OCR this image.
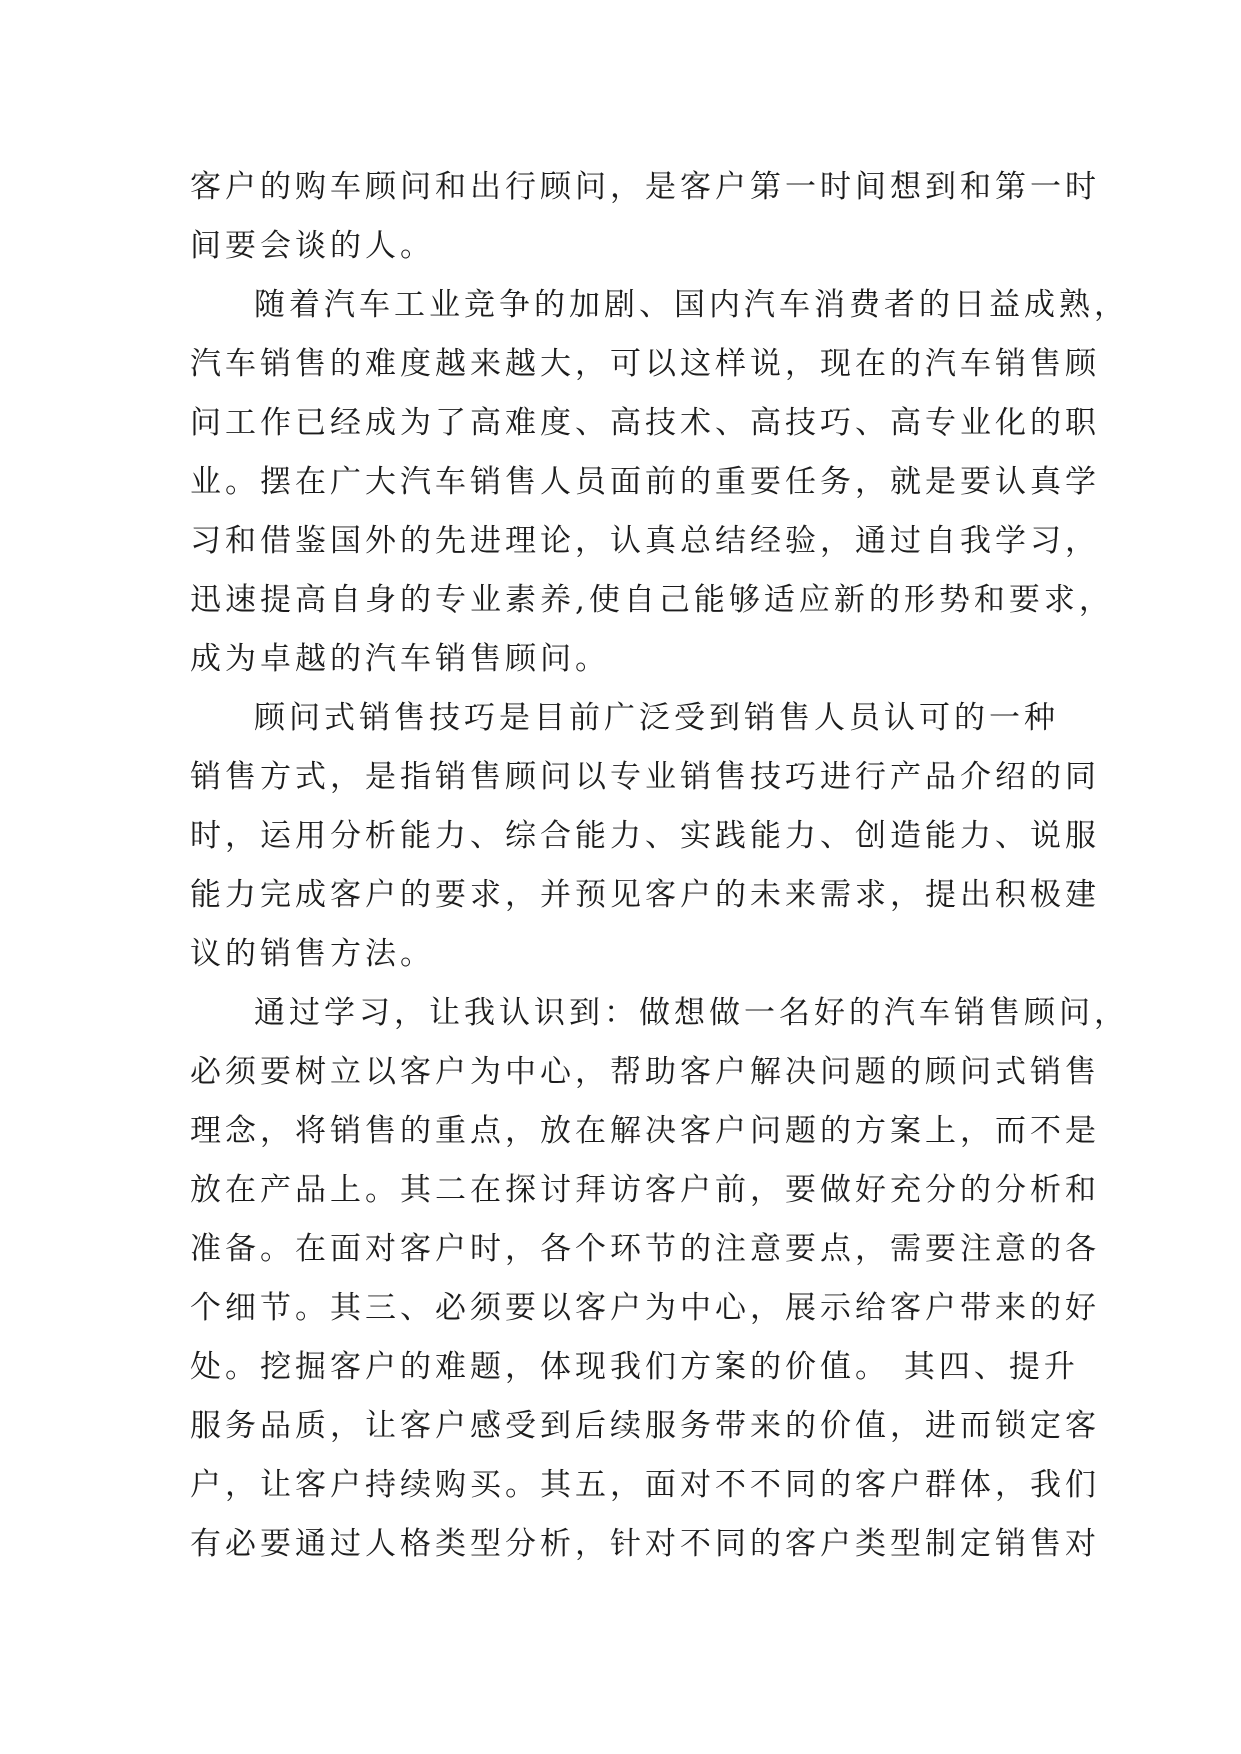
客户的购车顾问和出行顾问，是客户第一时间想到和第一时
间要会谈的人。
随着汽车工业竞争的加剧、国内汽车消费者的日益成熟，
汽车销售的难度越来越大，可以这样说，现在的汽车销售顾
问工作已经成为了高难度、高技术、高技巧、高专业化的职
业。摆在广大汽车销售人员面前的重要任务，就是要认真学
习和借鉴国外的先进理论，认真总结经验，通过自我学习，
迅速提高自身的专业素养,使自己能够适应新的形势和要求，
成为卓越的汽车销售顾问。
顾问式销售技巧是目前广泛受到销售人员认可的一种
销售方式，是指销售顾问以专业销售技巧进行产品介绍的同
时，运用分析能力、综合能力、实践能力、创造能力、说服
能力完成客户的要求，并预见客户的未来需求，提出积极建
议的销售方法。
通过学习，让我认识到：做想做一名好的汽车销售顾问，
必须要树立以客户为中心，帮助客户解决问题的顾问式销售
理念，将销售的重点，放在解决客户问题的方案上，而不是
放在产品上。其二在探讨拜访客户前，要做好充分的分析和
准备。在面对客户时，各个环节的注意要点，需要注意的各
个细节。其三、必须要以客户为中心，展示给客户带来的好
处。挖掘客户的难题，体现我们方案的价值。 其四、提升
服务品质，让客户感受到后续服务带来的价值，进而锁定客
户，让客户持续购买。其五，面对不不同的客户群体，我们
有必要通过人格类型分析，针对不同的客户类型制定销售对
